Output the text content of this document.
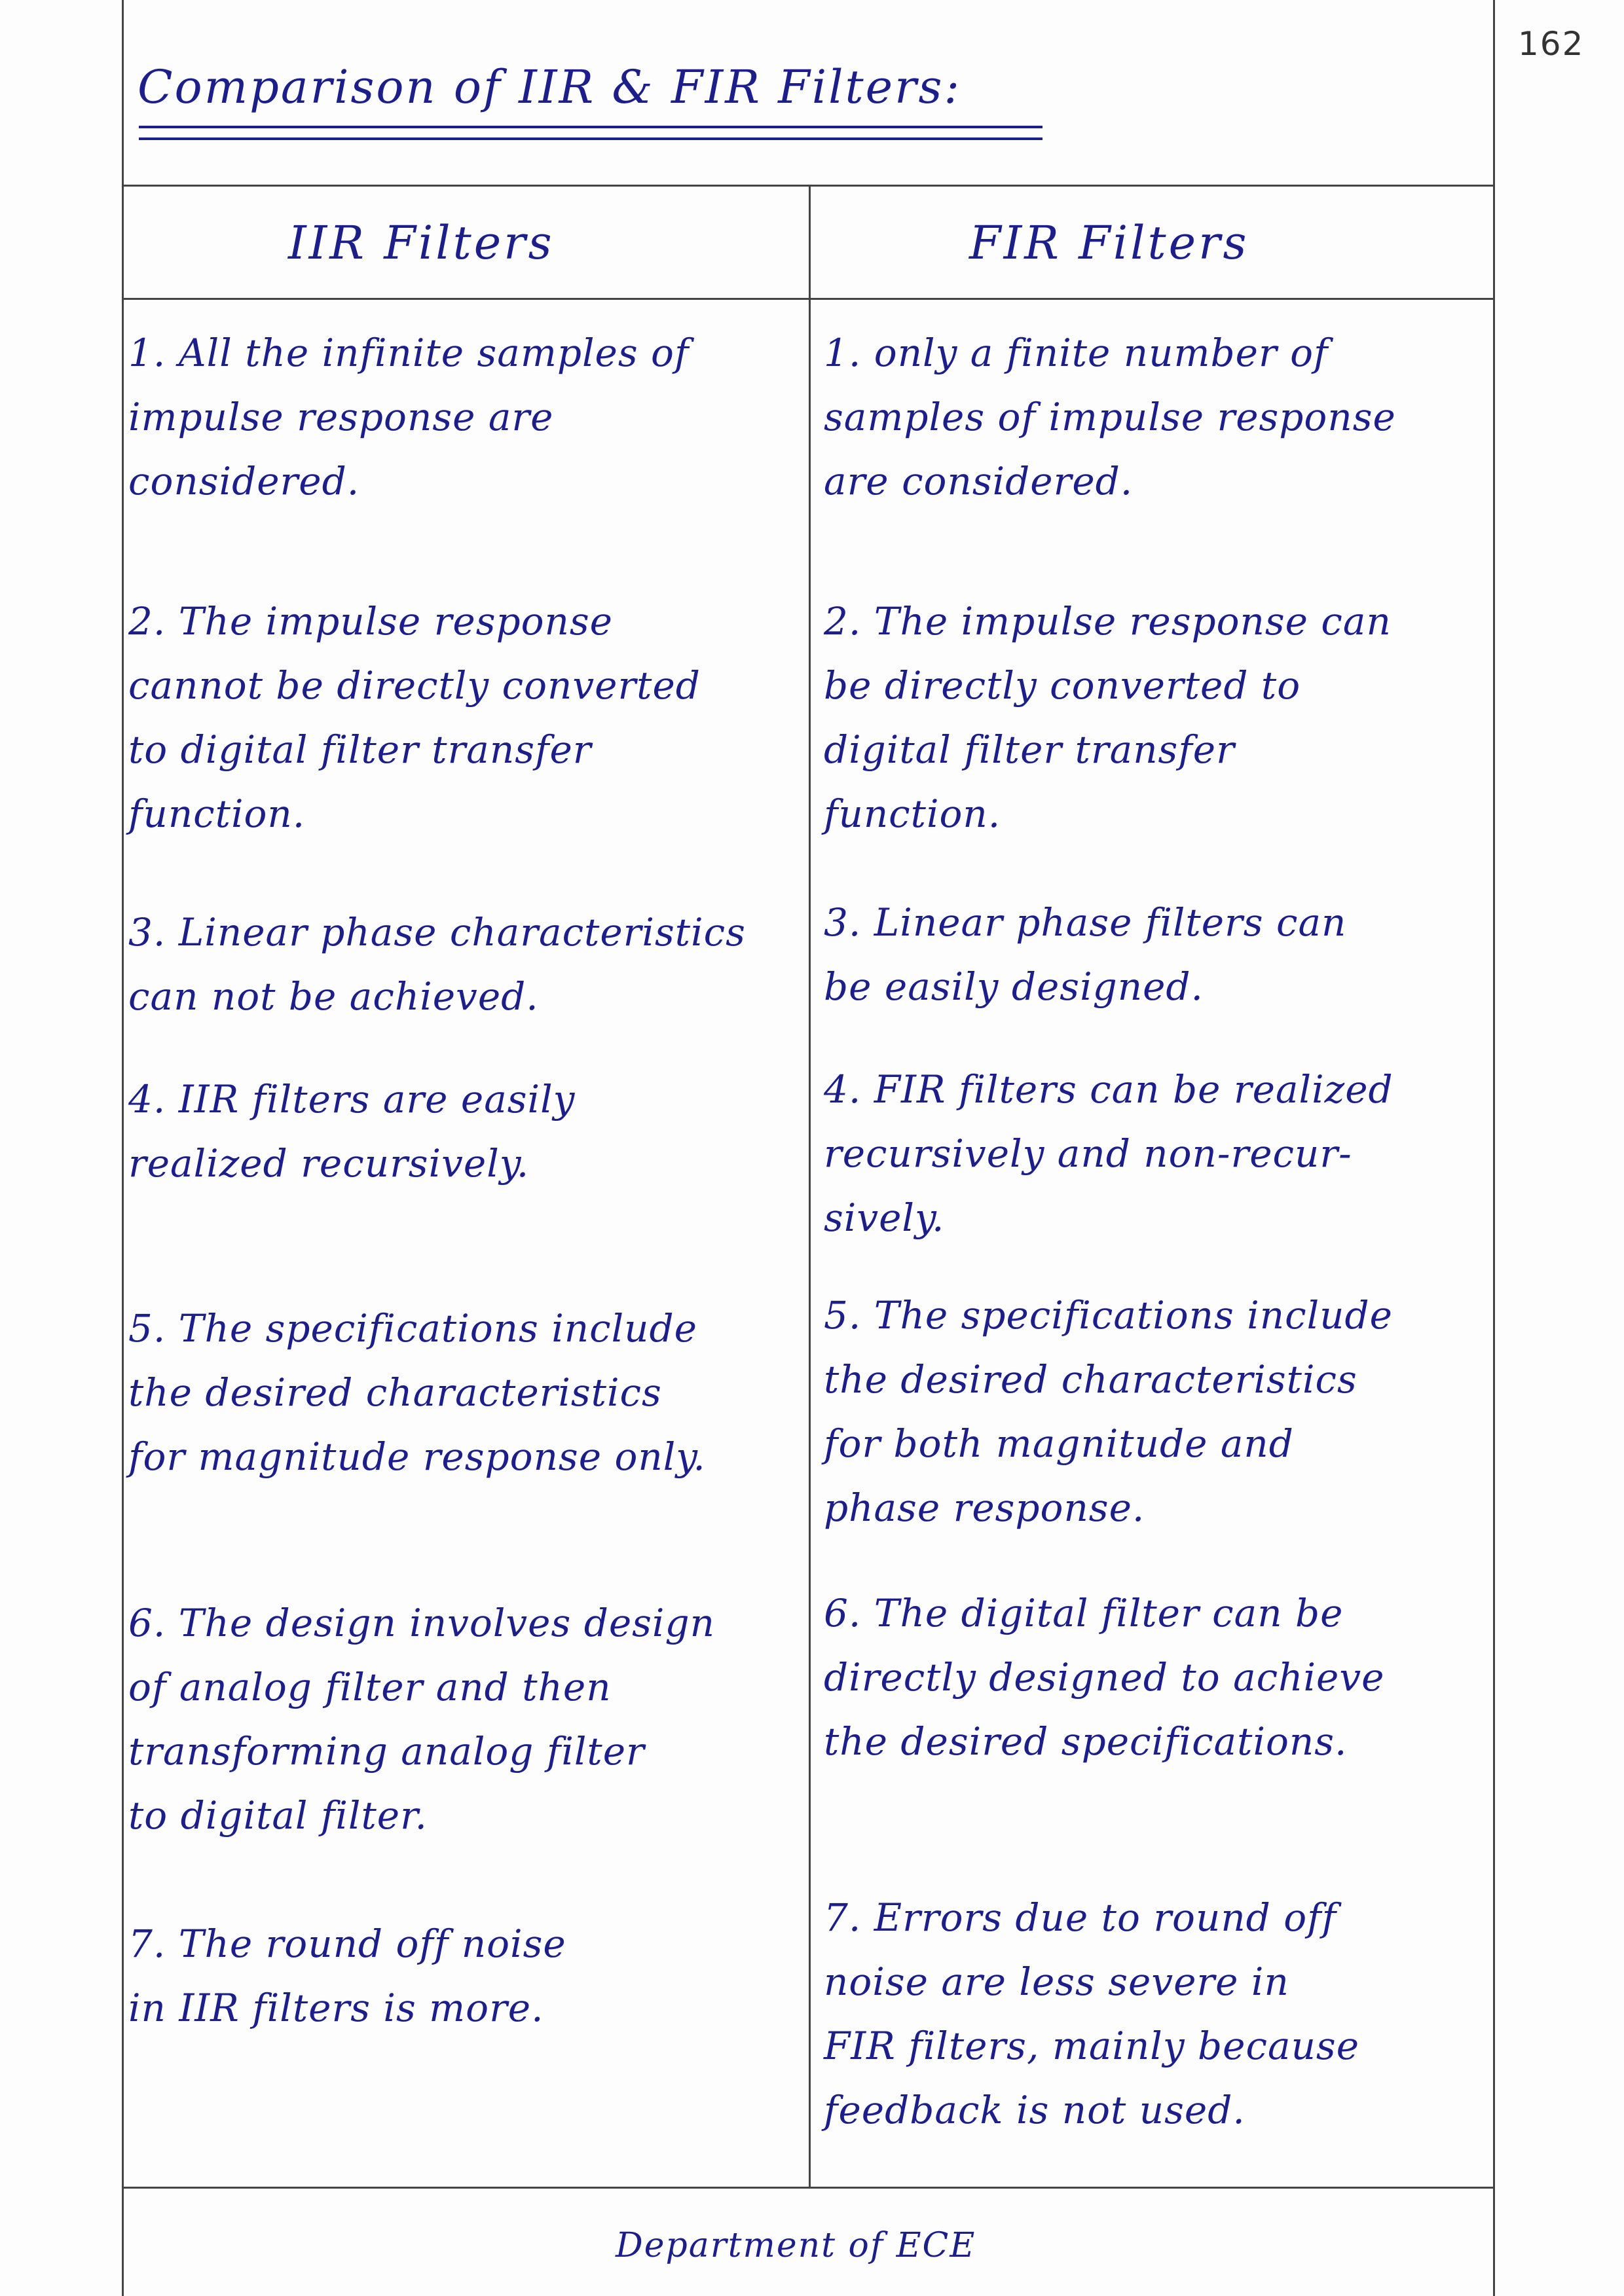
162
Comparison of IIR & FIR Filters:
IIR Filters	FIR Filters
1. All the infinite samples of
impulse response are
considered.
1. only a finite number of
samples of impulse response
are considered.
2. The impulse response
cannot be directly converted
to digital filter transfer
function.
2. The impulse response can
be directly converted to
digital filter transfer
function.
3. Linear phase characteristics
can not be achieved.
3. Linear phase filters can
be easily designed.
4. IIR filters are easily
realized recursively.
4. FIR filters can be realized
recursively and non-recur-
sively.
5. The specifications include
the desired characteristics
for magnitude response only.
5. The specifications include
the desired characteristics
for both magnitude and
phase response.
6. The design involves design
of analog filter and then
transforming analog filter
to digital filter.
6. The digital filter can be
directly designed to achieve
the desired specifications.
7. The round off noise
in IIR filters is more.
7. Errors due to round off
noise are less severe in
FIR filters, mainly because
feedback is not used.
Department of ECE
